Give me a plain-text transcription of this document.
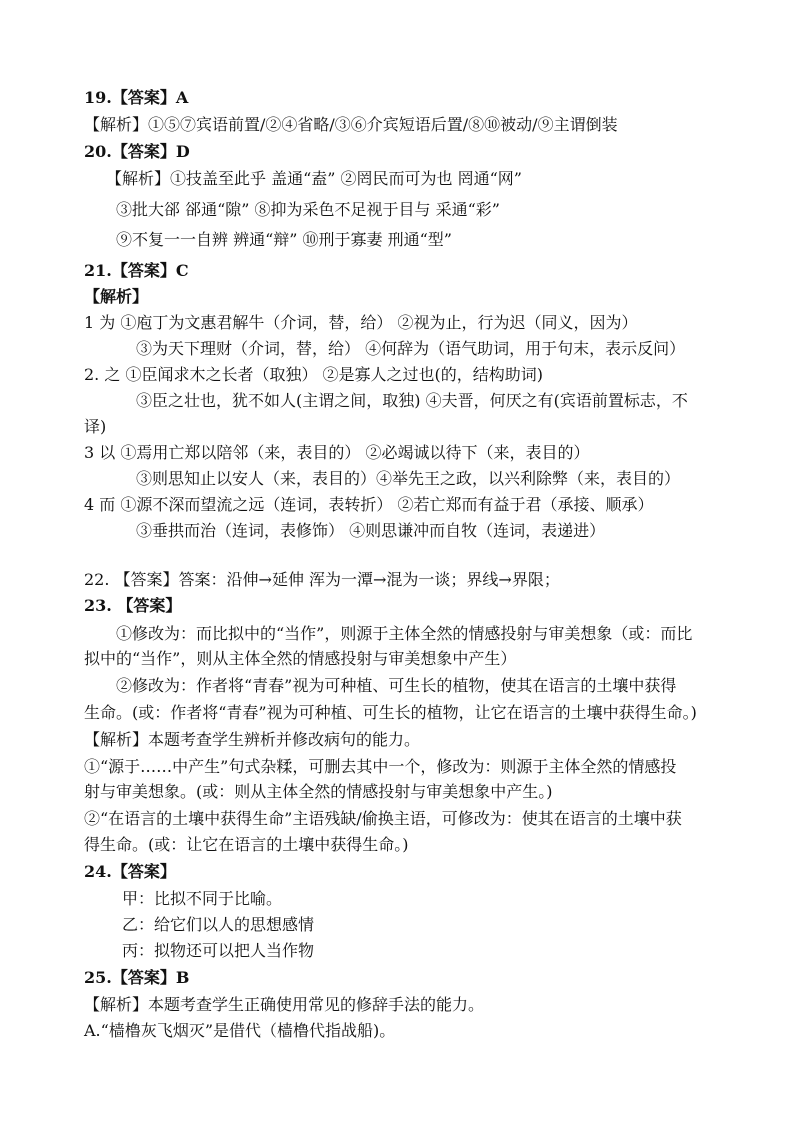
19.【答案】A
【解析】①⑤⑦宾语前置/②④省略/③⑥介宾短语后置/⑧⑩被动/⑨主谓倒装
20.【答案】D
【解析】①技盖至此乎 盖通“盍” ②罔民而可为也 罔通“网”
③批大郤 郤通“隙” ⑧抑为采色不足视于目与 采通“彩”
⑨不复一一自辨 辨通“辩” ⑩刑于寡妻 刑通“型”
21.【答案】C
【解析】
1 为 ①庖丁为文惠君解牛（介词，替，给） ②视为止，行为迟（同义，因为）
③为天下理财（介词，替，给） ④何辞为（语气助词，用于句末，表示反问）
2. 之 ①臣闻求木之长者（取独） ②是寡人之过也(的，结构助词)
③臣之壮也，犹不如人(主谓之间，取独) ④夫晋，何厌之有(宾语前置标志，不
译)
3 以 ①焉用亡郑以陪邻（来，表目的） ②必竭诚以待下（来，表目的）
③则思知止以安人（来，表目的）④举先王之政，以兴利除弊（来，表目的）
4 而 ①源不深而望流之远（连词，表转折） ②若亡郑而有益于君（承接、顺承）
③垂拱而治（连词，表修饰） ④则思谦冲而自牧（连词，表递进）
22. 【答案】答案：沿伸→延伸 浑为一潭→混为一谈；界线→界限；
23. 【答案】
①修改为：而比拟中的“当作”，则源于主体全然的情感投射与审美想象（或：而比
拟中的“当作”，则从主体全然的情感投射与审美想象中产生）
②修改为：作者将“青春”视为可种植、可生长的植物，使其在语言的土壤中获得
生命。(或：作者将“青春”视为可种植、可生长的植物，让它在语言的土壤中获得生命。)
【解析】本题考查学生辨析并修改病句的能力。
①“源于……中产生”句式杂糅，可删去其中一个，修改为：则源于主体全然的情感投
射与审美想象。(或：则从主体全然的情感投射与审美想象中产生。)
②“在语言的土壤中获得生命”主语残缺/偷换主语，可修改为：使其在语言的土壤中获
得生命。(或：让它在语言的土壤中获得生命。)
24.【答案】
甲：比拟不同于比喻。
乙：给它们以人的思想感情
丙：拟物还可以把人当作物
25.【答案】B
【解析】本题考查学生正确使用常见的修辞手法的能力。
A.“樯橹灰飞烟灭”是借代（樯橹代指战船)。
